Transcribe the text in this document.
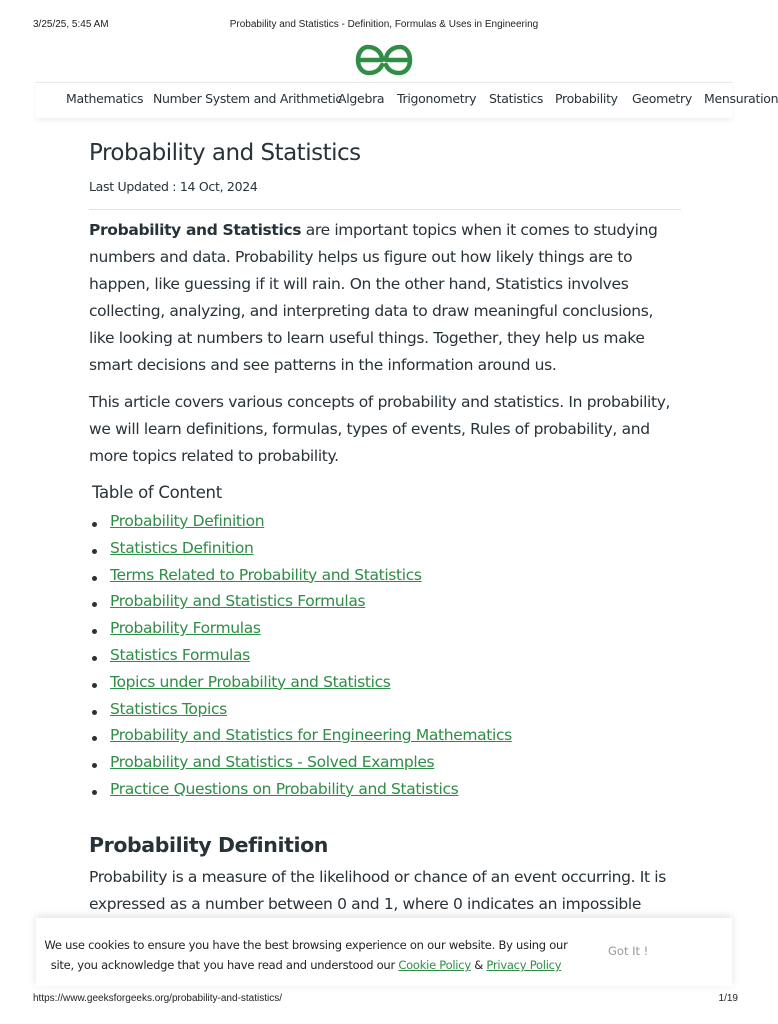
3/25/25, 5:45 AM	Probability and Statistics - Definition, Formulas & Uses in Engineering
Mathematics Number System and Arithmetic
Algebra Trigonometry Statistics Probability Geometry Mensuration
Probability and Statistics
Last Updated : 14 Oct, 2024

Probability and Statistics are important topics when it comes to studying numbers and data. Probability helps us figure out how likely things are to happen, like guessing if it will rain. On the other hand, Statistics involves collecting, analyzing, and interpreting data to draw meaningful conclusions, like looking at numbers to learn useful things. Together, they help us make smart decisions and see patterns in the information around us.

This article covers various concepts of probability and statistics. In probability, we will learn definitions, formulas, types of events, Rules of probability, and more topics related to probability.

Table of Content
Probability Definition
Statistics Definition
Terms Related to Probability and Statistics
Probability and Statistics Formulas
Probability Formulas
Statistics Formulas
Topics under Probability and Statistics
Statistics Topics
Probability and Statistics for Engineering Mathematics
Probability and Statistics - Solved Examples
Practice Questions on Probability and Statistics
Probability Definition

Probability is a measure of the likelihood or chance of an event occurring. It is expressed as a number between 0 and 1, where 0 indicates an impossible

We use cookies to ensure you have the best browsing experience on our website. By using our site, you acknowledge that you have read and understood our Cookie Policy & Privacy Policy
Got It !
https://www.geeksforgeeks.org/probability-and-statistics/	1/19
